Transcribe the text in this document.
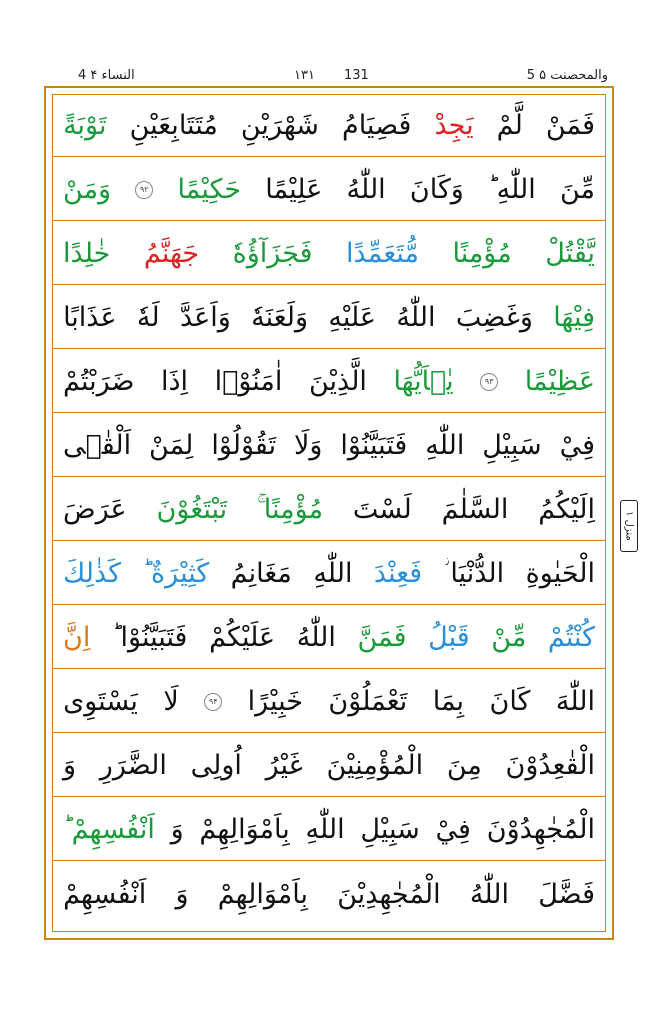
4 النساء ۴	۱۳۱ 131	5 والمحصنت ۵
فَمَنْ
لَّمْ
يَجِدْ
فَصِيَامُ
شَهْرَيْنِ
مُتَتَابِعَيْنِ
تَوْبَةً
مِّنَ
اللّٰهِ ؕ
وَكَانَ
اللّٰهُ
عَلِيْمًا
حَكِيْمًا
۹۲
وَمَنْ
يَّقْتُلْ
مُؤْمِنًا
مُّتَعَمِّدًا
فَجَزَآؤُهٗ
جَهَنَّمُ
خٰلِدًا
فِيْهَا
وَغَضِبَ
اللّٰهُ
عَلَيْهِ
وَلَعَنَهٗ
وَاَعَدَّ
لَهٗ
عَذَابًا
عَظِيْمًا
۹۳
يٰۤاَيُّهَا
الَّذِيْنَ
اٰمَنُوْۤا
اِذَا
ضَرَبْتُمْ
فِيْ
سَبِيْلِ
اللّٰهِ
فَتَبَيَّنُوْا
وَلَا
تَقُوْلُوْا
لِمَنْ
اَلْقٰۤى
اِلَيْكُمُ
السَّلٰمَ
لَسْتَ
مُؤْمِنًا ۚ
تَبْتَغُوْنَ
عَرَضَ
الْحَيٰوةِ
الدُّنْيَا ؗ
فَعِنْدَ
اللّٰهِ
مَغَانِمُ
كَثِيْرَةٌ ؕ
كَذٰلِكَ
كُنْتُمْ
مِّنْ
قَبْلُ
فَمَنَّ
اللّٰهُ
عَلَيْكُمْ
فَتَبَيَّنُوْا ؕ
اِنَّ
اللّٰهَ
كَانَ
بِمَا
تَعْمَلُوْنَ
خَبِيْرًا
۹۴
لَا
يَسْتَوِى
الْقٰعِدُوْنَ
مِنَ
الْمُؤْمِنِيْنَ
غَيْرُ
اُولِى
الضَّرَرِ
وَ
الْمُجٰهِدُوْنَ
فِيْ
سَبِيْلِ
اللّٰهِ
بِاَمْوَالِهِمْ
وَ
اَنْفُسِهِمْ ؕ
فَضَّلَ
اللّٰهُ
الْمُجٰهِدِيْنَ
بِاَمْوَالِهِمْ
وَ
اَنْفُسِهِمْ
منزل ۱
